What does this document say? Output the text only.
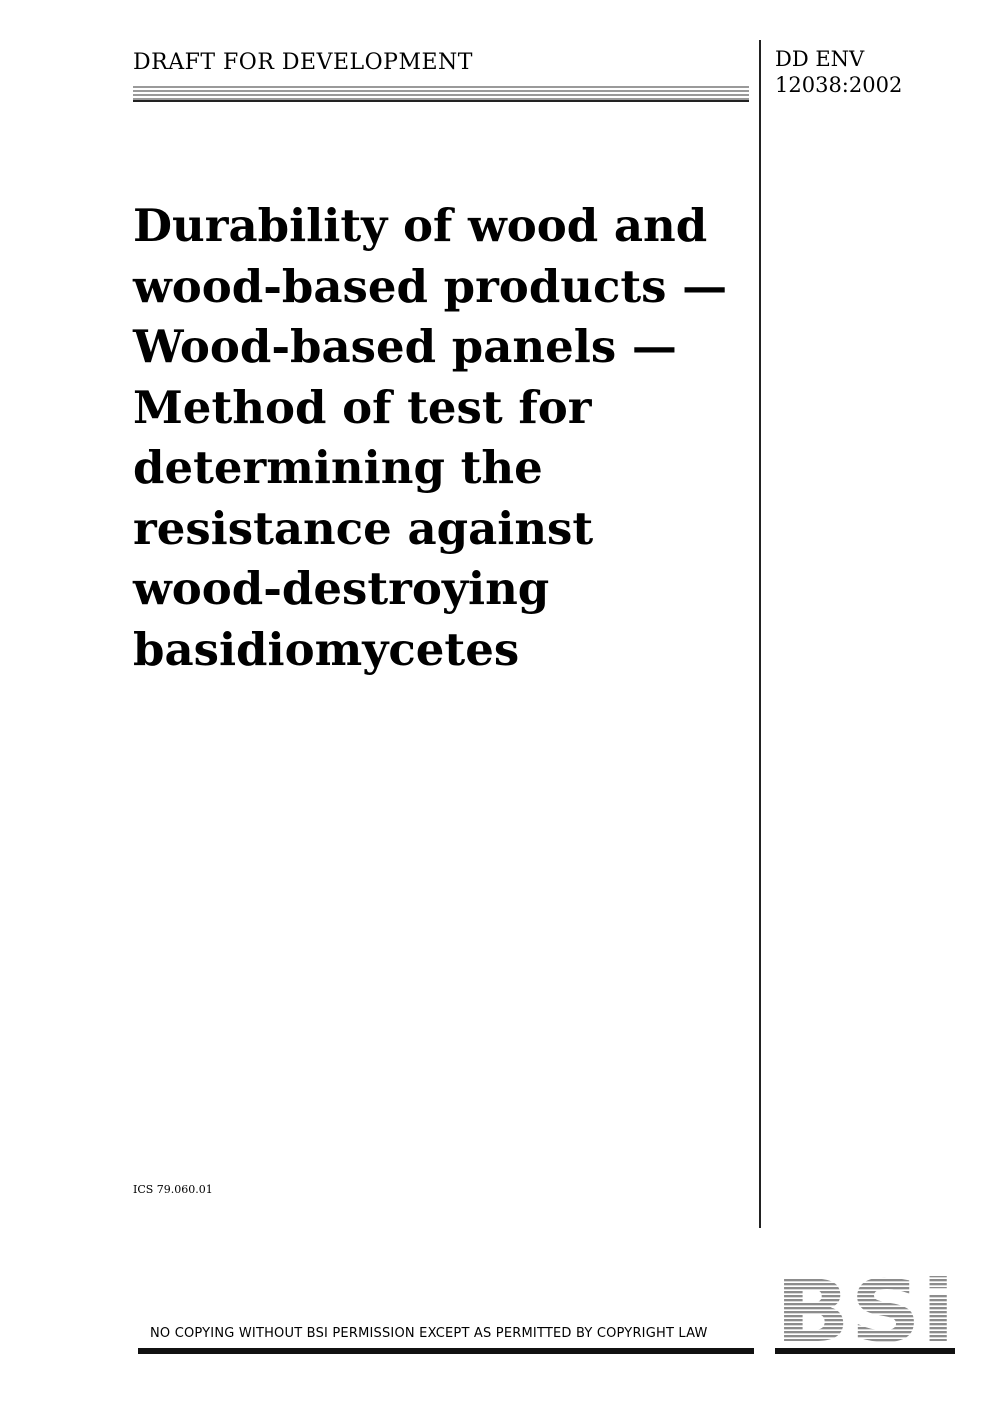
DRAFT FOR DEVELOPMENT	DD ENV
12038:2002
Durability of wood and
wood-based products —
Wood-based panels —
Method of test for
determining the
resistance against
wood-destroying
basidiomycetes
ICS 79.060.01
NO COPYING WITHOUT BSI PERMISSION EXCEPT AS PERMITTED BY COPYRIGHT LAW BSi
